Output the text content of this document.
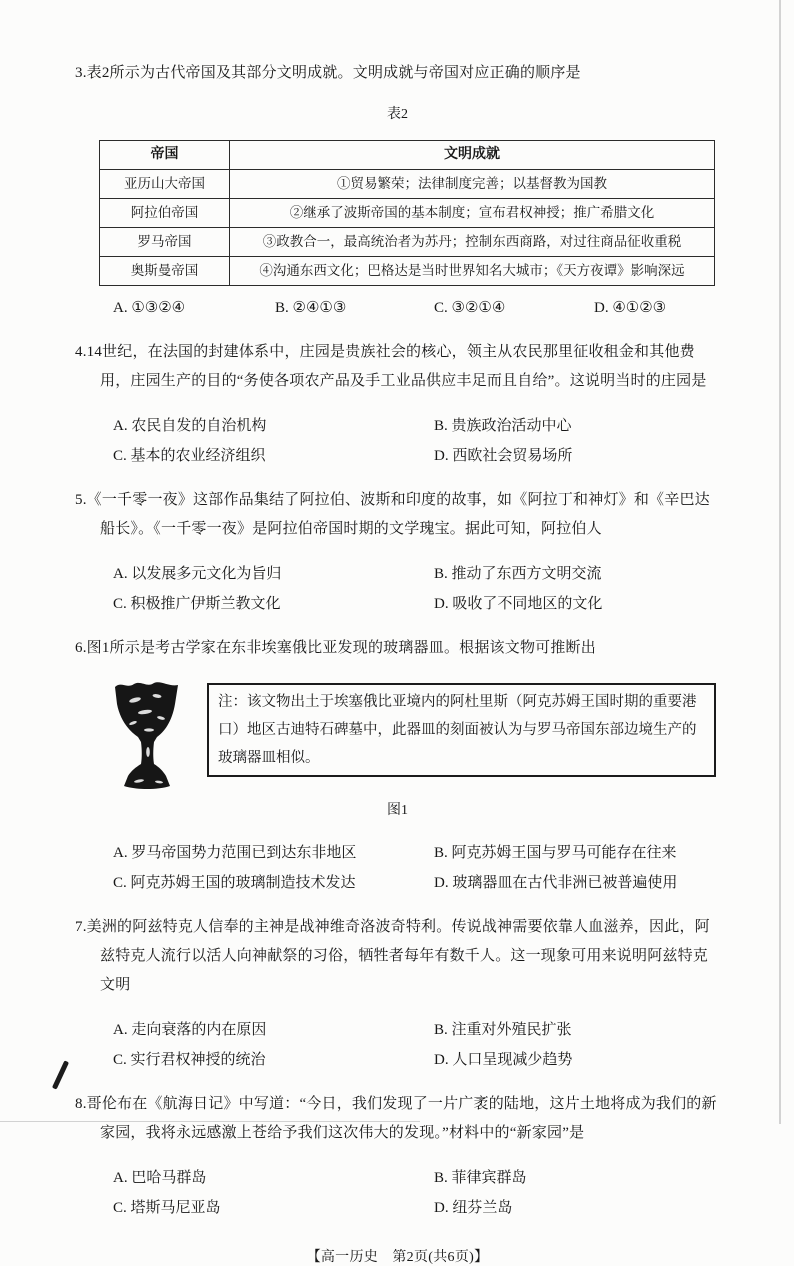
3.表2所示为古代帝国及其部分文明成就。文明成就与帝国对应正确的顺序是

表2

帝国	文明成就
亚历山大帝国	①贸易繁荣；法律制度完善；以基督教为国教
阿拉伯帝国	②继承了波斯帝国的基本制度；宣布君权神授；推广希腊文化
罗马帝国	③政教合一，最高统治者为苏丹；控制东西商路，对过往商品征收重税
奥斯曼帝国	④沟通东西文化；巴格达是当时世界知名大城市；《天方夜谭》影响深远
A. ①③②④	B. ②④①③	C. ③②①④	D. ④①②③

4.14世纪，在法国的封建体系中，庄园是贵族社会的核心，领主从农民那里征收租金和其他费用，庄园生产的目的“务使各项农产品及手工业品供应丰足而且自给”。这说明当时的庄园是

A. 农民自发的自治机构	B. 贵族政治活动中心
C. 基本的农业经济组织	D. 西欧社会贸易场所

5.《一千零一夜》这部作品集结了阿拉伯、波斯和印度的故事，如《阿拉丁和神灯》和《辛巴达船长》。《一千零一夜》是阿拉伯帝国时期的文学瑰宝。据此可知，阿拉伯人

A. 以发展多元文化为旨归	B. 推动了东西方文明交流
C. 积极推广伊斯兰教文化	D. 吸收了不同地区的文化

6.图1所示是考古学家在东非埃塞俄比亚发现的玻璃器皿。根据该文物可推断出

注：该文物出土于埃塞俄比亚境内的阿杜里斯（阿克苏姆王国时期的重要港口）地区古迪特石碑墓中，此器皿的刻面被认为与罗马帝国东部边境生产的玻璃器皿相似。

图1

A. 罗马帝国势力范围已到达东非地区	B. 阿克苏姆王国与罗马可能存在往来
C. 阿克苏姆王国的玻璃制造技术发达	D. 玻璃器皿在古代非洲已被普遍使用

7.美洲的阿兹特克人信奉的主神是战神维奇洛波奇特利。传说战神需要依靠人血滋养，因此，阿兹特克人流行以活人向神献祭的习俗，牺牲者每年有数千人。这一现象可用来说明阿兹特克文明

A. 走向衰落的内在原因	B. 注重对外殖民扩张
C. 实行君权神授的统治	D. 人口呈现减少趋势

8.哥伦布在《航海日记》中写道：“今日，我们发现了一片广袤的陆地，这片土地将成为我们的新家园，我将永远感激上苍给予我们这次伟大的发现。”材料中的“新家园”是

A. 巴哈马群岛	B. 菲律宾群岛
C. 塔斯马尼亚岛	D. 纽芬兰岛
【高一历史　第2页(共6页)】
